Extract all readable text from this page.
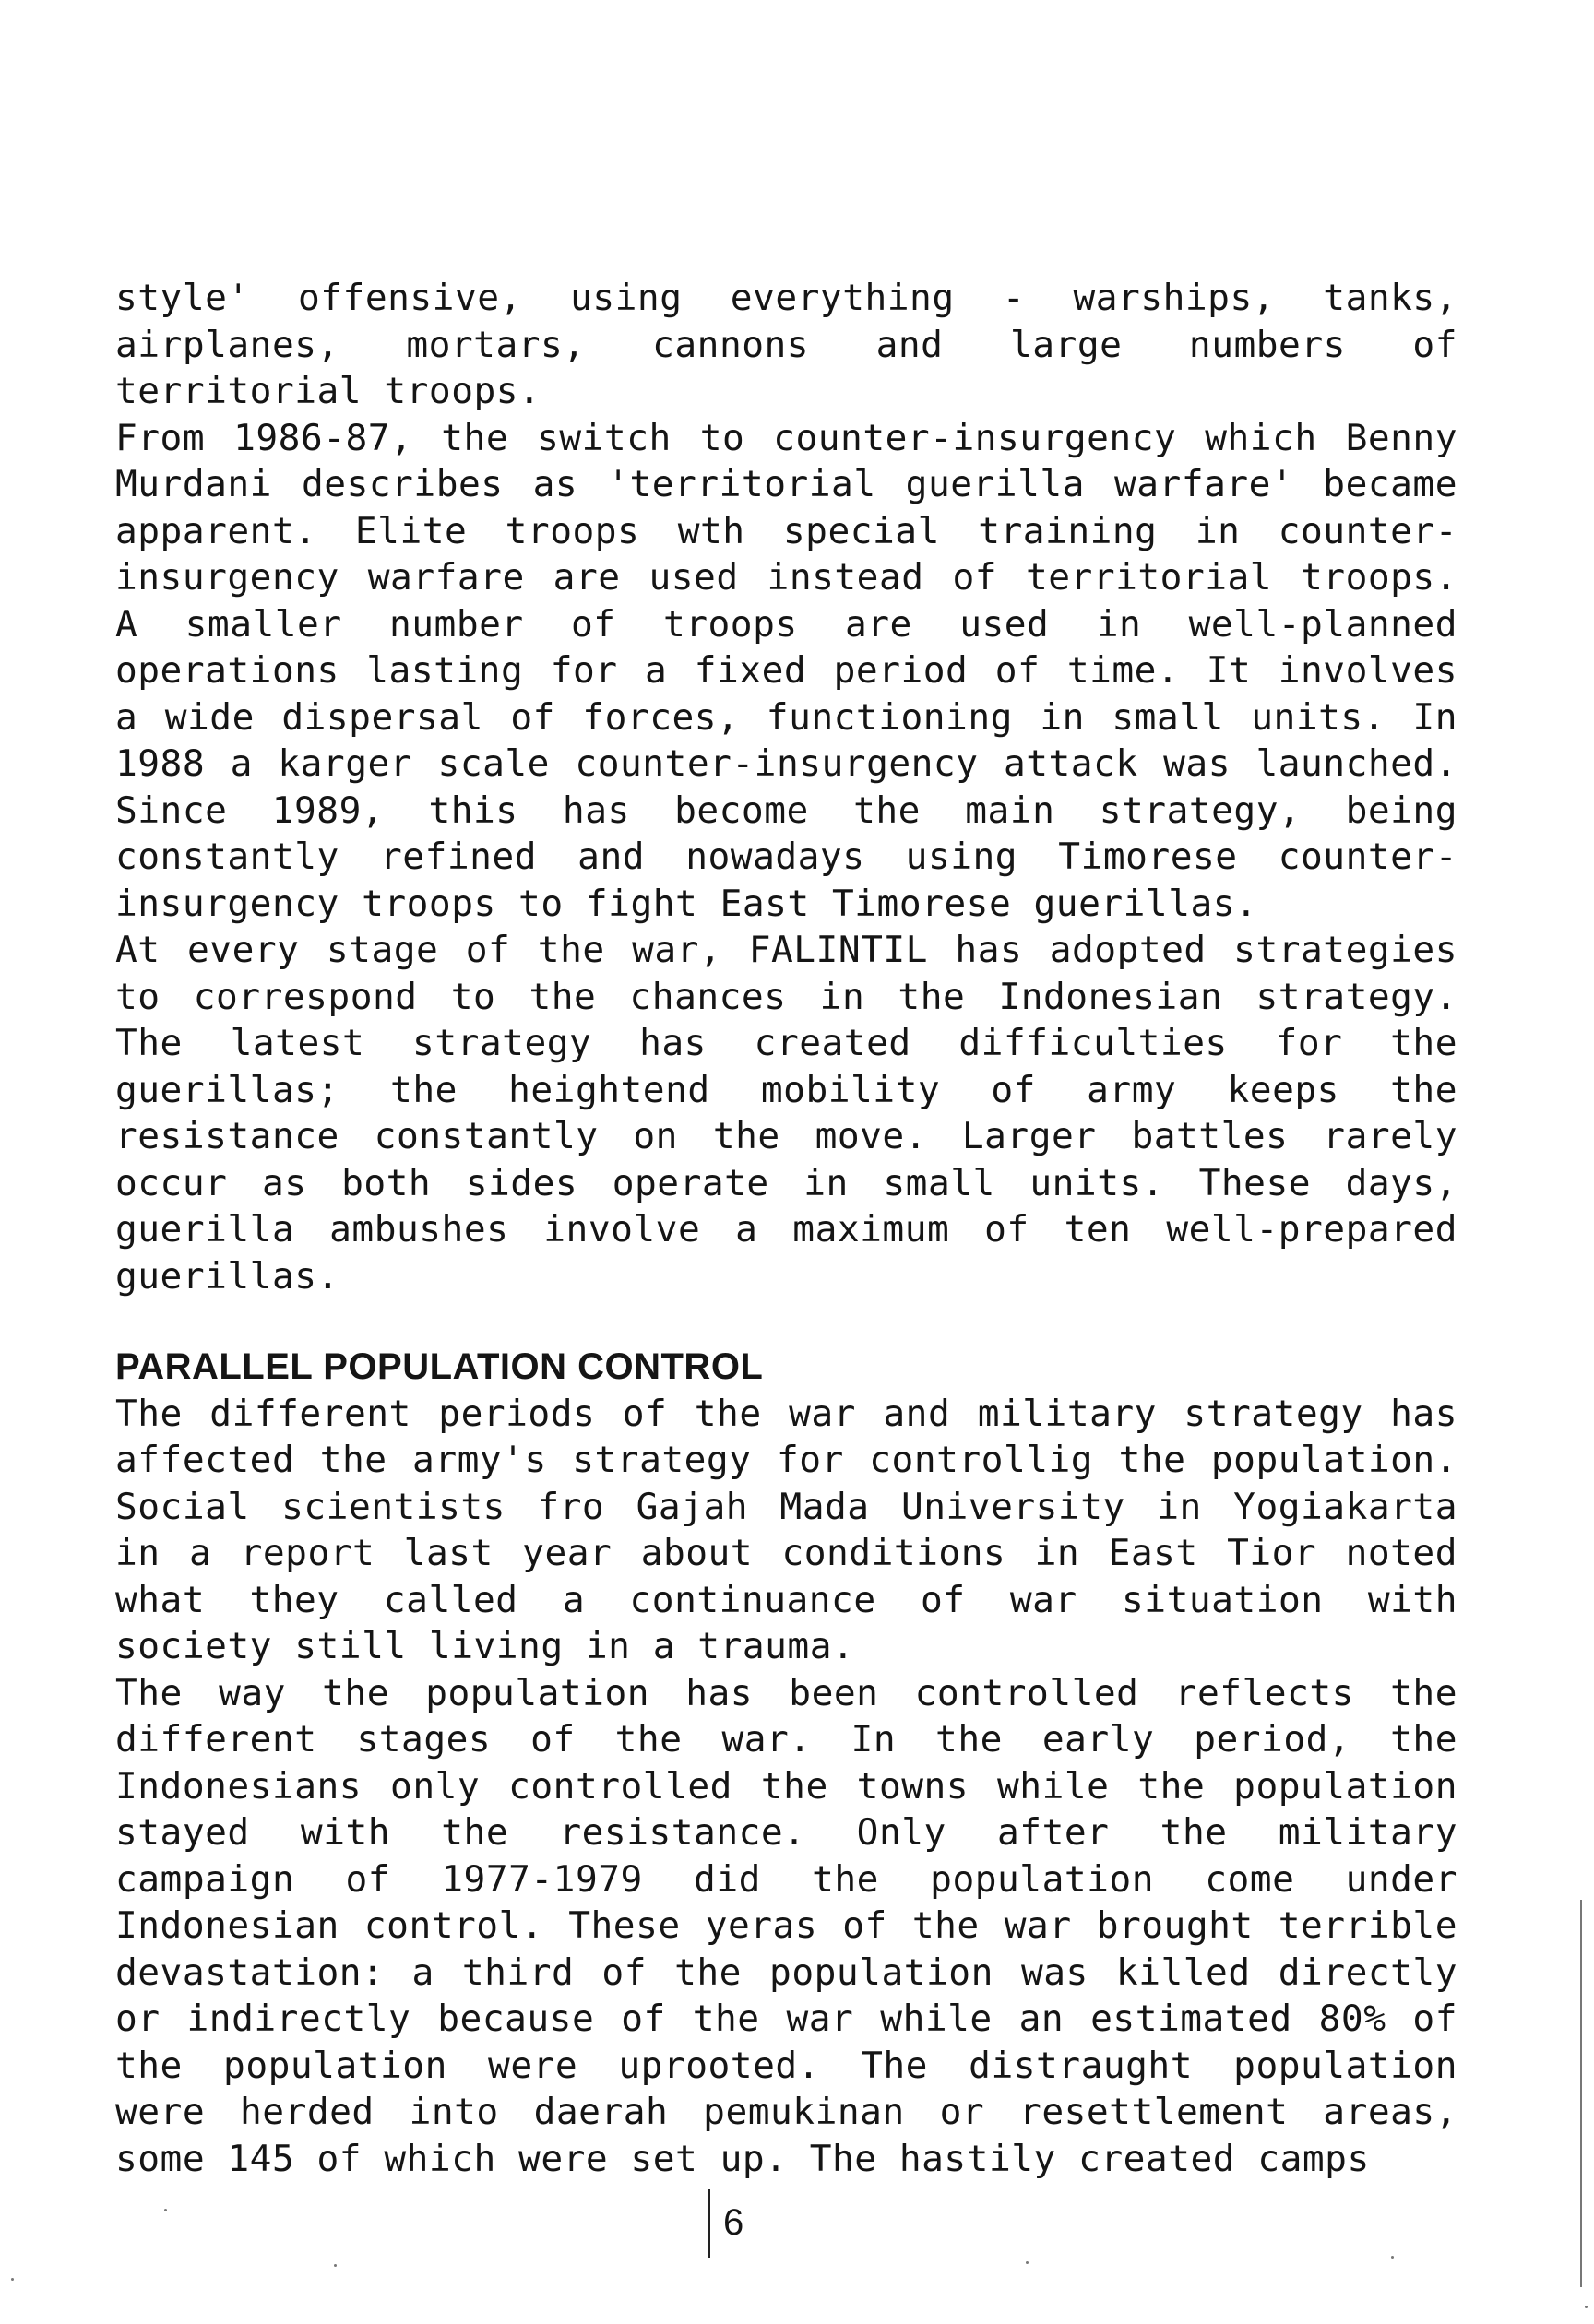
style' offensive, using everything - warships, tanks, airplanes, mortars, cannons and large numbers of territorial troops.

From 1986-87, the switch to counter-insurgency which Benny Murdani describes as 'territorial guerilla warfare' became apparent. Elite troops wth special training in counter-insurgency warfare are used instead of territorial troops. A smaller number of troops are used in well-planned operations lasting for a fixed period of time. It involves a wide dispersal of forces, functioning in small units. In 1988 a karger scale counter-insurgency attack was launched. Since 1989, this has become the main strategy, being constantly refined and nowadays using Timorese counter-insurgency troops to fight East Timorese guerillas.

At every stage of the war, FALINTIL has adopted strategies to correspond to the chances in the Indonesian strategy. The latest strategy has created difficulties for the guerillas; the heightend mobility of army keeps the resistance constantly on the move. Larger battles rarely occur as both sides operate in small units. These days, guerilla ambushes involve a maximum of ten well-prepared guerillas.

PARALLEL POPULATION CONTROL

The different periods of the war and military strategy has affected the army's strategy for controllig the population. Social scientists fro Gajah Mada University in Yogiakarta in a report last year about conditions in East Tior noted what they called a continuance of war situation with society still living in a trauma.

The way the population has been controlled reflects the different stages of the war. In the early period, the Indonesians only controlled the towns while the population stayed with the resistance. Only after the military campaign of 1977-1979 did the population come under Indonesian control. These yeras of the war brought terrible devastation: a third of the population was killed directly or indirectly because of the war while an estimated 80% of the population were uprooted. The distraught population were herded into daerah pemukinan or resettlement areas, some 145 of which were set up. The hastily created camps

6
